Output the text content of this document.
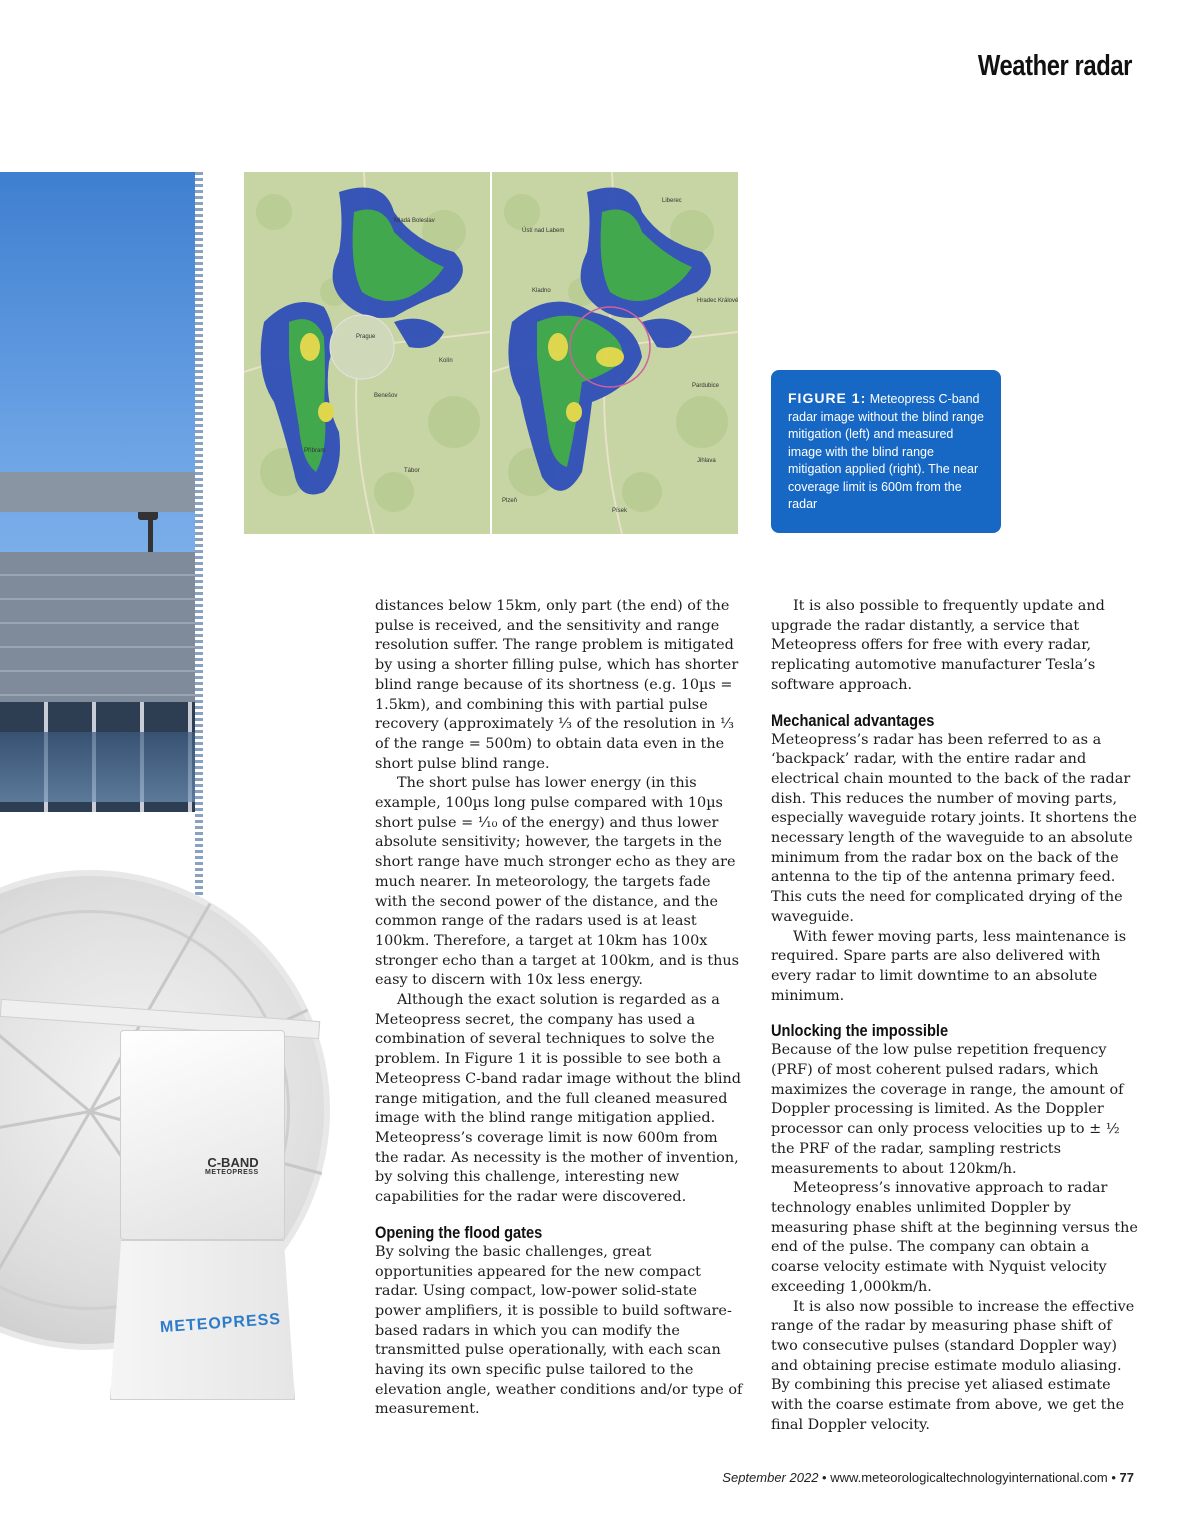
Weather radar
C-BAND
METEOPRESS
METEOPRESS
Prague
Mladá Boleslav
Kolín
Benešov
Příbram
Tábor
Liberec
Ústí nad Labem
Hradec Králové
Pardubice
Jihlava
Plzeň
Kladno
Písek
FIGURE 1: Meteopress C-band radar image without the blind range mitigation (left) and measured image with the blind range mitigation applied (right). The near coverage limit is 600m from the radar

distances below 15km, only part (the end) of the pulse is received, and the sensitivity and range resolution suffer. The range problem is mitigated by using a shorter filling pulse, which has shorter blind range because of its shortness (e.g. 10µs = 1.5km), and combining this with partial pulse recovery (approximately ⅓ of the resolution in ⅓ of the range = 500m) to obtain data even in the short pulse blind range.

The short pulse has lower energy (in this example, 100µs long pulse compared with 10µs short pulse = ⅒ of the energy) and thus lower absolute sensitivity; however, the targets in the short range have much stronger echo as they are much nearer. In meteorology, the targets fade with the second power of the distance, and the common range of the radars used is at least 100km. Therefore, a target at 10km has 100x stronger echo than a target at 100km, and is thus easy to discern with 10x less energy.

Although the exact solution is regarded as a Meteopress secret, the company has used a combination of several techniques to solve the problem. In Figure 1 it is possible to see both a Meteopress C-band radar image without the blind range mitigation, and the full cleaned measured image with the blind range mitigation applied. Meteopress’s coverage limit is now 600m from the radar. As necessity is the mother of invention, by solving this challenge, interesting new capabilities for the radar were discovered.

Opening the flood gates

By solving the basic challenges, great opportunities appeared for the new compact radar. Using compact, low-power solid-state power amplifiers, it is possible to build software-based radars in which you can modify the transmitted pulse operationally, with each scan having its own specific pulse tailored to the elevation angle, weather conditions and/or type of measurement.

It is also possible to frequently update and upgrade the radar distantly, a service that Meteopress offers for free with every radar, replicating automotive manufacturer Tesla’s software approach.

Mechanical advantages

Meteopress’s radar has been referred to as a ‘backpack’ radar, with the entire radar and electrical chain mounted to the back of the radar dish. This reduces the number of moving parts, especially waveguide rotary joints. It shortens the necessary length of the waveguide to an absolute minimum from the radar box on the back of the antenna to the tip of the antenna primary feed. This cuts the need for complicated drying of the waveguide.

With fewer moving parts, less maintenance is required. Spare parts are also delivered with every radar to limit downtime to an absolute minimum.

Unlocking the impossible

Because of the low pulse repetition frequency (PRF) of most coherent pulsed radars, which maximizes the coverage in range, the amount of Doppler processing is limited. As the Doppler processor can only process velocities up to ± ½ the PRF of the radar, sampling restricts measurements to about 120km/h.

Meteopress’s innovative approach to radar technology enables unlimited Doppler by measuring phase shift at the beginning versus the end of the pulse. The company can obtain a coarse velocity estimate with Nyquist velocity exceeding 1,000km/h.

It is also now possible to increase the effective range of the radar by measuring phase shift of two consecutive pulses (standard Doppler way) and obtaining precise estimate modulo aliasing. By combining this precise yet aliased estimate with the coarse estimate from above, we get the final Doppler velocity.

September 2022 • www.meteorologicaltechnologyinternational.com • 77
